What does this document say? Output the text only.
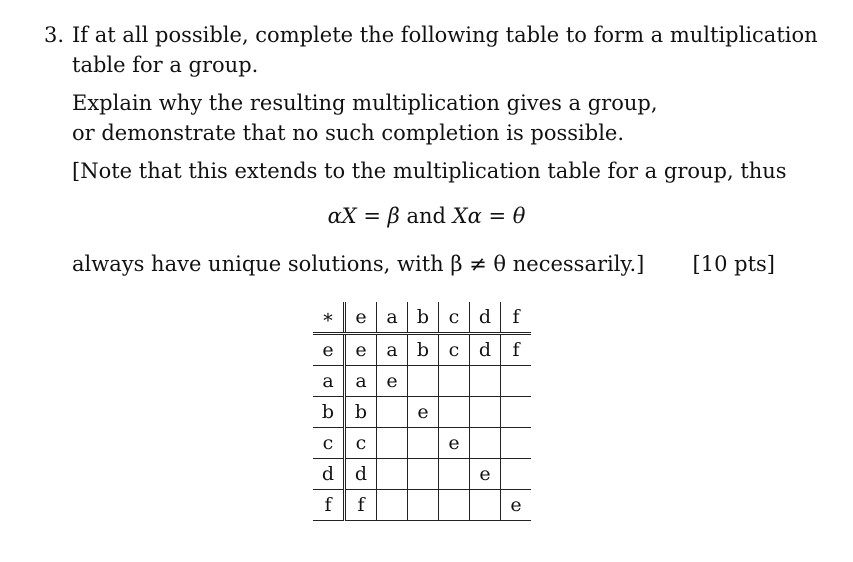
3. If at all possible, complete the following table to form a multiplication
table for a group.
Explain why the resulting multiplication gives a group,
or demonstrate that no such completion is possible.
[Note that this extends to the multiplication table for a group, thus
αX = β and Xα = θ
always have unique solutions, with β ≠ θ necessarily.] [10 pts]
∗	e	a	b	c	d	f
e	e	a	b	c	d	f
a	a	e				
b	b		e			
c	c			e		
d	d				e	
f	f					e
